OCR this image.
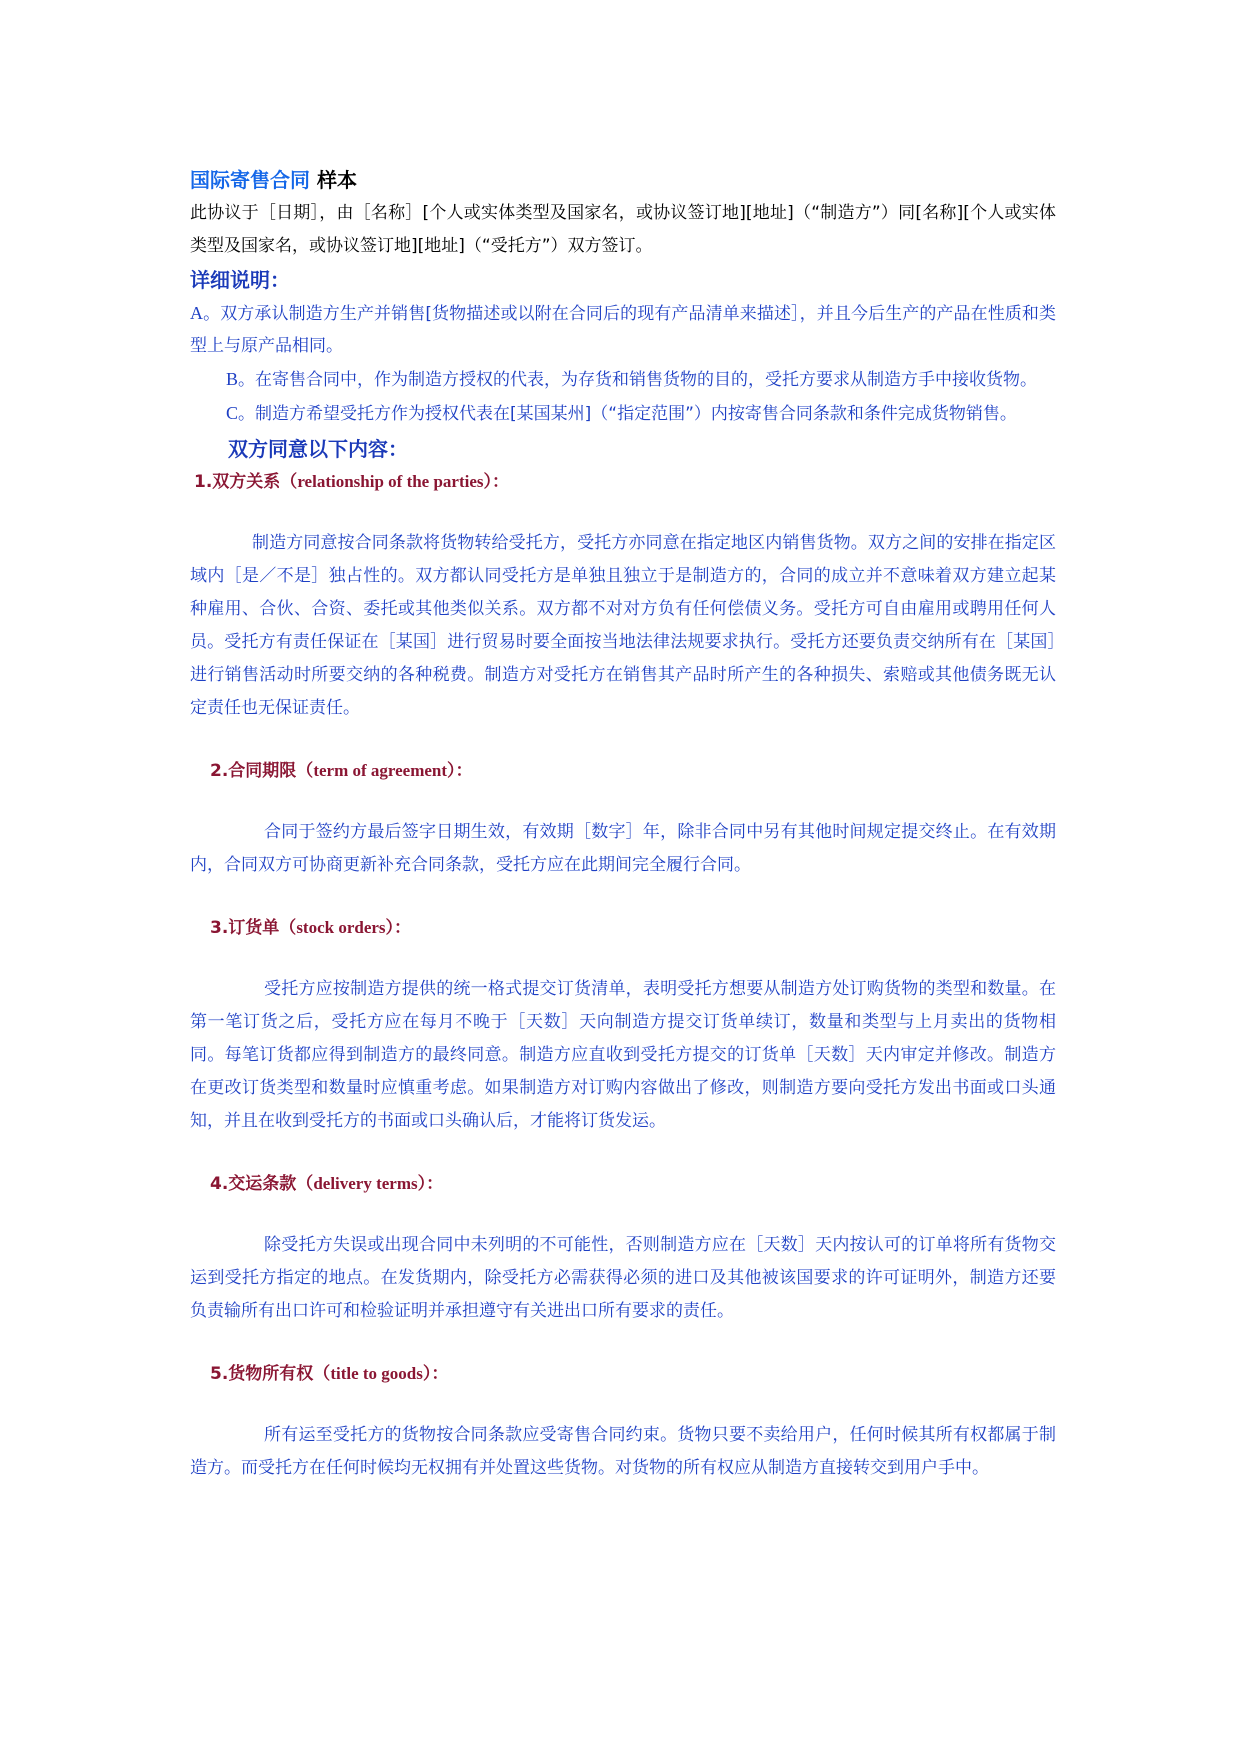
国际寄售合同 样本

此协议于［日期］，由［名称］[个人或实体类型及国家名，或协议签订地][地址]（“制造方”）同[名称][个人或实体类型及国家名，或协议签订地][地址]（“受托方”）双方签订。

详细说明：

A。双方承认制造方生产并销售[货物描述或以附在合同后的现有产品清单来描述］，并且今后生产的产品在性质和类型上与原产品相同。

B。在寄售合同中，作为制造方授权的代表，为存货和销售货物的目的，受托方要求从制造方手中接收货物。

C。制造方希望受托方作为授权代表在[某国某州]（“指定范围”）内按寄售合同条款和条件完成货物销售。

双方同意以下内容：
1.双方关系（relationship of the parties）：

制造方同意按合同条款将货物转给受托方，受托方亦同意在指定地区内销售货物。双方之间的安排在指定区域内［是／不是］独占性的。双方都认同受托方是单独且独立于是制造方的，合同的成立并不意味着双方建立起某种雇用、合伙、合资、委托或其他类似关系。双方都不对对方负有任何偿债义务。受托方可自由雇用或聘用任何人员。受托方有责任保证在［某国］进行贸易时要全面按当地法律法规要求执行。受托方还要负责交纳所有在［某国］进行销售活动时所要交纳的各种税费。制造方对受托方在销售其产品时所产生的各种损失、索赔或其他债务既无认定责任也无保证责任。

2.合同期限（term of agreement）：

合同于签约方最后签字日期生效，有效期［数字］年，除非合同中另有其他时间规定提交终止。在有效期内，合同双方可协商更新补充合同条款，受托方应在此期间完全履行合同。

3.订货单（stock orders）：

受托方应按制造方提供的统一格式提交订货清单，表明受托方想要从制造方处订购货物的类型和数量。在第一笔订货之后，受托方应在每月不晚于［天数］天向制造方提交订货单续订，数量和类型与上月卖出的货物相同。每笔订货都应得到制造方的最终同意。制造方应直收到受托方提交的订货单［天数］天内审定并修改。制造方在更改订货类型和数量时应慎重考虑。如果制造方对订购内容做出了修改，则制造方要向受托方发出书面或口头通知，并且在收到受托方的书面或口头确认后，才能将订货发运。

4.交运条款（delivery terms）：

除受托方失误或出现合同中未列明的不可能性，否则制造方应在［天数］天内按认可的订单将所有货物交运到受托方指定的地点。在发货期内，除受托方必需获得必须的进口及其他被该国要求的许可证明外，制造方还要负责输所有出口许可和检验证明并承担遵守有关进出口所有要求的责任。

5.货物所有权（title to goods）：

所有运至受托方的货物按合同条款应受寄售合同约束。货物只要不卖给用户，任何时候其所有权都属于制造方。而受托方在任何时候均无权拥有并处置这些货物。对货物的所有权应从制造方直接转交到用户手中。
